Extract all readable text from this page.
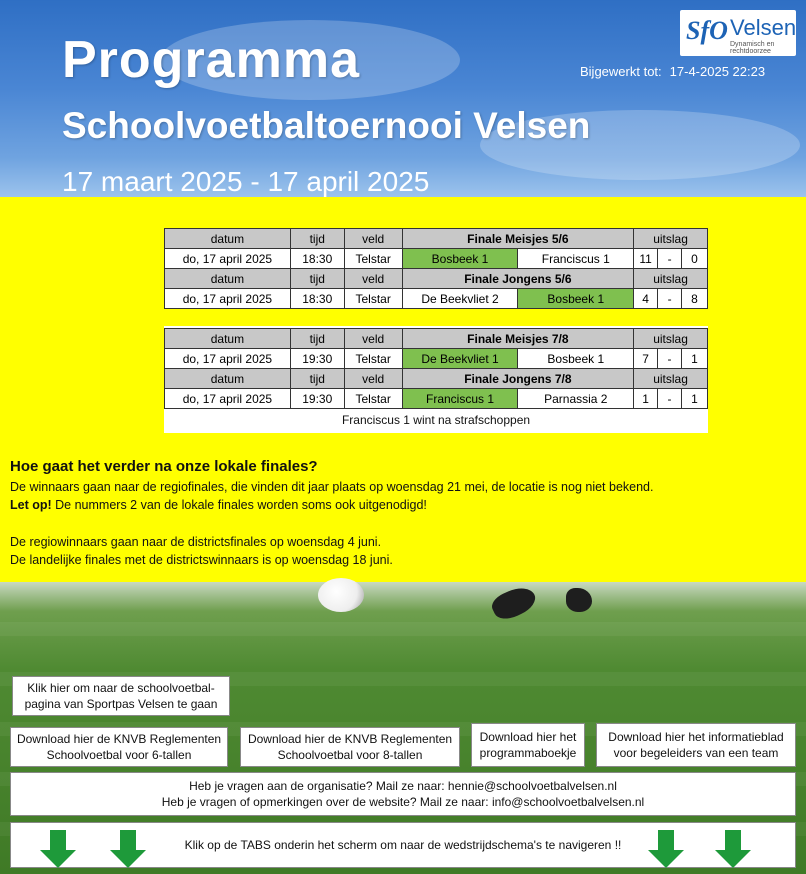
Programma
Schoolvoetbaltoernooi Velsen
17 maart 2025 - 17 april 2025
Bijgewerkt tot: 17-4-2025 22:23
SfO Velsen
Dynamisch en rechtdoorzee
datum	tijd	veld	Finale Meisjes 5/6		uitslag		
do, 17 april 2025	18:30	Telstar	Bosbeek 1	Franciscus 1	11	-	0
datum	tijd	veld	Finale Jongens 5/6		uitslag		
do, 17 april 2025	18:30	Telstar	De Beekvliet 2	Bosbeek 1	4	-	8
datum	tijd	veld	Finale Meisjes 7/8		uitslag		
do, 17 april 2025	19:30	Telstar	De Beekvliet 1	Bosbeek 1	7	-	1
datum	tijd	veld	Finale Jongens 7/8		uitslag		
do, 17 april 2025	19:30	Telstar	Franciscus 1	Parnassia 2	1	-	1
Franciscus 1 wint na strafschoppen
Hoe gaat het verder na onze lokale finales?
De winnaars gaan naar de regiofinales, die vinden dit jaar plaats op woensdag 21 mei, de locatie is nog niet bekend.
Let op! De nummers 2 van de lokale finales worden soms ook uitgenodigd!
De regiowinnaars gaan naar de districtsfinales op woensdag 4 juni.
De landelijke finales met de districtswinnaars is op woensdag 18 juni.
Klik hier om naar de schoolvoetbal-pagina van Sportpas Velsen te gaan
Download hier de KNVB Reglementen Schoolvoetbal voor 6-tallen
Download hier de KNVB Reglementen Schoolvoetbal voor 8-tallen
Download hier het programmaboekje
Download hier het informatieblad voor begeleiders van een team
Heb je vragen aan de organisatie? Mail ze naar: hennie@schoolvoetbalvelsen.nl
Heb je vragen of opmerkingen over de website? Mail ze naar: info@schoolvoetbalvelsen.nl
Klik op de TABS onderin het scherm om naar de wedstrijdschema's te navigeren !!
